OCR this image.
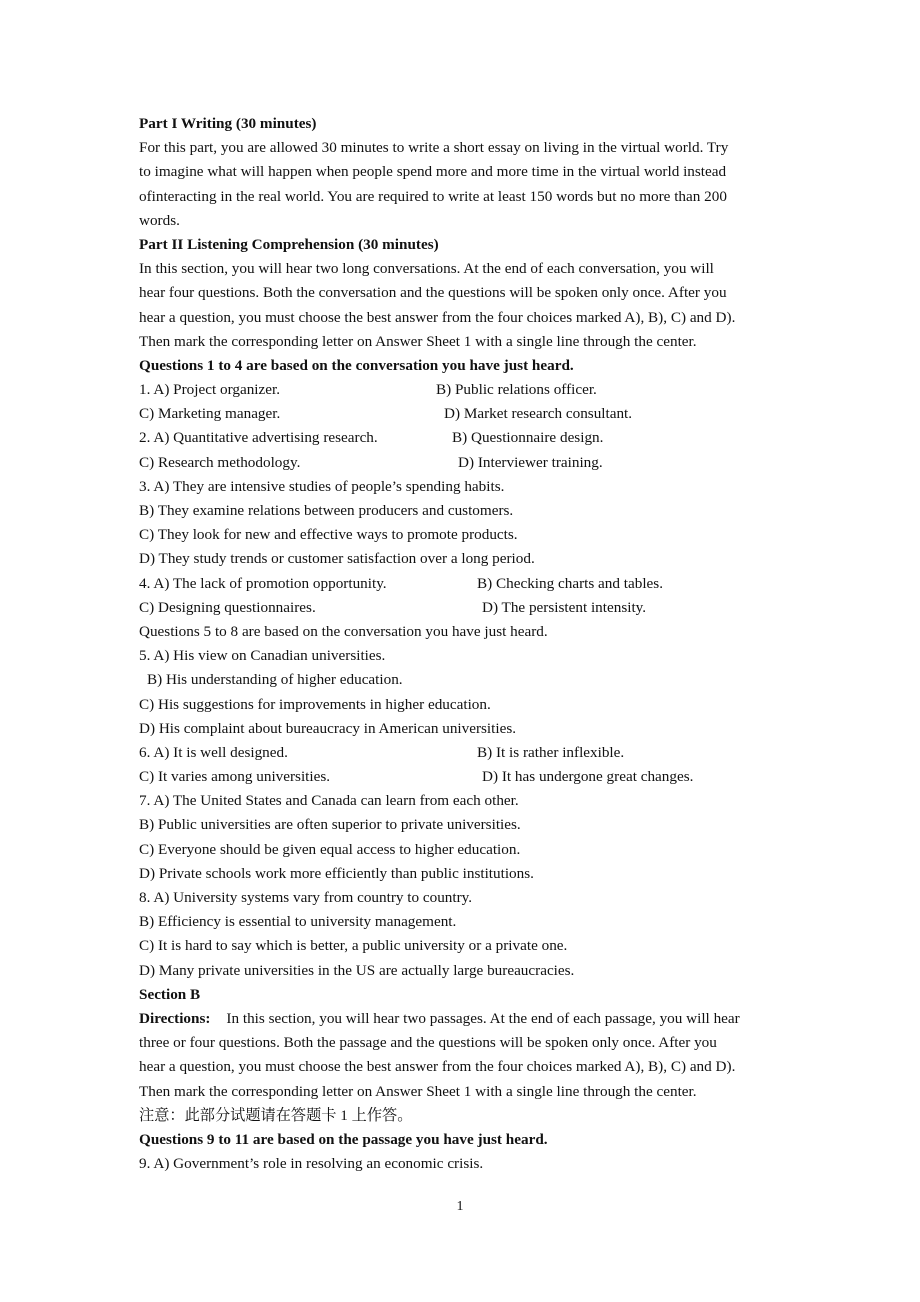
Part I Writing (30 minutes)
For this part, you are allowed 30 minutes to write a short essay on living in the virtual world. Try
to imagine what will happen when people spend more and more time in the virtual world instead
ofinteracting in the real world. You are required to write at least 150 words but no more than 200
words.
Part II Listening Comprehension (30 minutes)
In this section, you will hear two long conversations. At the end of each conversation, you will
hear four questions. Both the conversation and the questions will be spoken only once. After you
hear a question, you must choose the best answer from the four choices marked A), B), C) and D).
Then mark the corresponding letter on Answer Sheet 1 with a single line through the center.
Questions 1 to 4 are based on the conversation you have just heard.
1. A) Project organizer.	B) Public relations officer.
C) Marketing manager.	D) Market research consultant.
2. A) Quantitative advertising research.	B) Questionnaire design.
C) Research methodology.	D) Interviewer training.
3. A) They are intensive studies of people’s spending habits.
B) They examine relations between producers and customers.
C) They look for new and effective ways to promote products.
D) They study trends or customer satisfaction over a long period.
4. A) The lack of promotion opportunity.	B) Checking charts and tables.
C) Designing questionnaires.	D) The persistent intensity.
Questions 5 to 8 are based on the conversation you have just heard.
5. A) His view on Canadian universities.
B) His understanding of higher education.
C) His suggestions for improvements in higher education.
D) His complaint about bureaucracy in American universities.
6. A) It is well designed.	B) It is rather inflexible.
C) It varies among universities.	D) It has undergone great changes.
7. A) The United States and Canada can learn from each other.
B) Public universities are often superior to private universities.
C) Everyone should be given equal access to higher education.
D) Private schools work more efficiently than public institutions.
8. A) University systems vary from country to country.
B) Efficiency is essential to university management.
C) It is hard to say which is better, a public university or a private one.
D) Many private universities in the US are actually large bureaucracies.
Section B
Directions: In this section, you will hear two passages. At the end of each passage, you will hear
three or four questions. Both the passage and the questions will be spoken only once. After you
hear a question, you must choose the best answer from the four choices marked A), B), C) and D).
Then mark the corresponding letter on Answer Sheet 1 with a single line through the center.
注意：此部分试题请在答题卡 1 上作答。
Questions 9 to 11 are based on the passage you have just heard.
9. A) Government’s role in resolving an economic crisis.
1
